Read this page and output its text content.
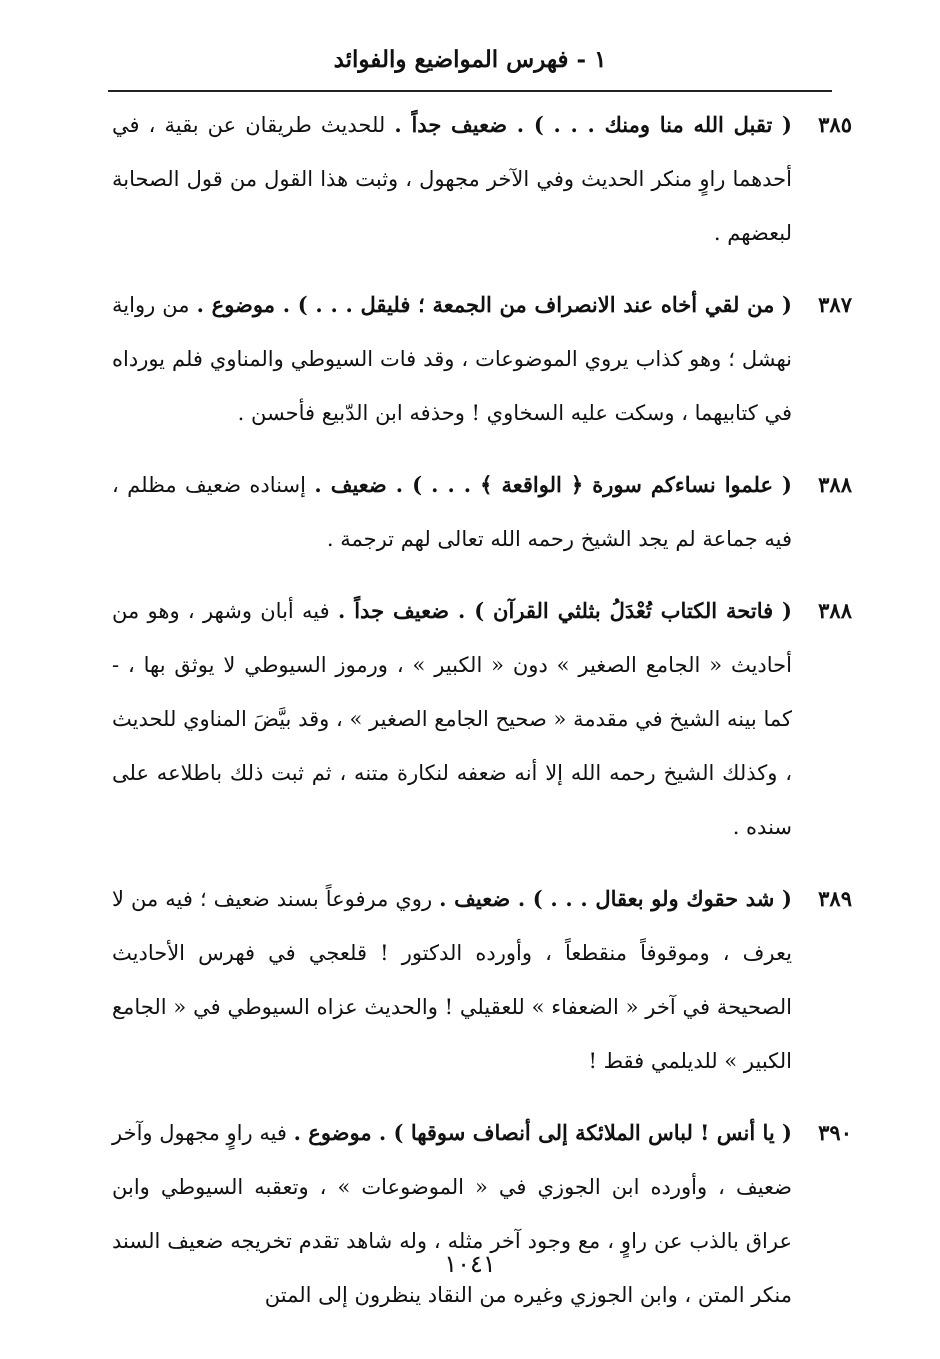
١ - فهرس المواضيع والفوائد
٣٨٥
( تقبل الله منا ومنك . . . ) . ضعيف جداً . للحديث طريقان عن بقية ، في أحدهما راوٍ منكر الحديث وفي الآخر مجهول ، وثبت هذا القول من قول الصحابة لبعضهم .
٣٨٧
( من لقي أخاه عند الانصراف من الجمعة ؛ فليقل . . . ) . موضوع . من رواية نهشل ؛ وهو كذاب يروي الموضوعات ، وقد فات السيوطي والمناوي فلم يورداه في كتابيهما ، وسكت عليه السخاوي ! وحذفه ابن الدّبيع فأحسن .
٣٨٨
( علموا نساءكم سورة ﴿ الواقعة ﴾ . . . ) . ضعيف . إسناده ضعيف مظلم ، فيه جماعة لم يجد الشيخ رحمه الله تعالى لهم ترجمة .
٣٨٨
( فاتحة الكتاب تُعْدَلُ بثلثي القرآن ) . ضعيف جداً . فيه أبان وشهر ، وهو من أحاديث « الجامع الصغير » دون « الكبير » ، ورموز السيوطي لا يوثق بها ، - كما بينه الشيخ في مقدمة « صحيح الجامع الصغير » ، وقد بيَّضَ المناوي للحديث ، وكذلك الشيخ رحمه الله إلا أنه ضعفه لنكارة متنه ، ثم ثبت ذلك باطلاعه على سنده .
٣٨٩
( شد حقوك ولو بعقال . . . ) . ضعيف . روي مرفوعاً بسند ضعيف ؛ فيه من لا يعرف ، وموقوفاً منقطعاً ، وأورده الدكتور ! قلعجي في فهرس الأحاديث الصحيحة في آخر « الضعفاء » للعقيلي ! والحديث عزاه السيوطي في « الجامع الكبير » للديلمي فقط !
٣٩٠
( يا أنس ! لباس الملائكة إلى أنصاف سوقها ) . موضوع . فيه راوٍ مجهول وآخر ضعيف ، وأورده ابن الجوزي في « الموضوعات » ، وتعقبه السيوطي وابن عراق بالذب عن راوٍ ، مع وجود آخر مثله ، وله شاهد تقدم تخريجه ضعيف السند منكر المتن ، وابن الجوزي وغيره من النقاد ينظرون إلى المتن
١٠٤١
